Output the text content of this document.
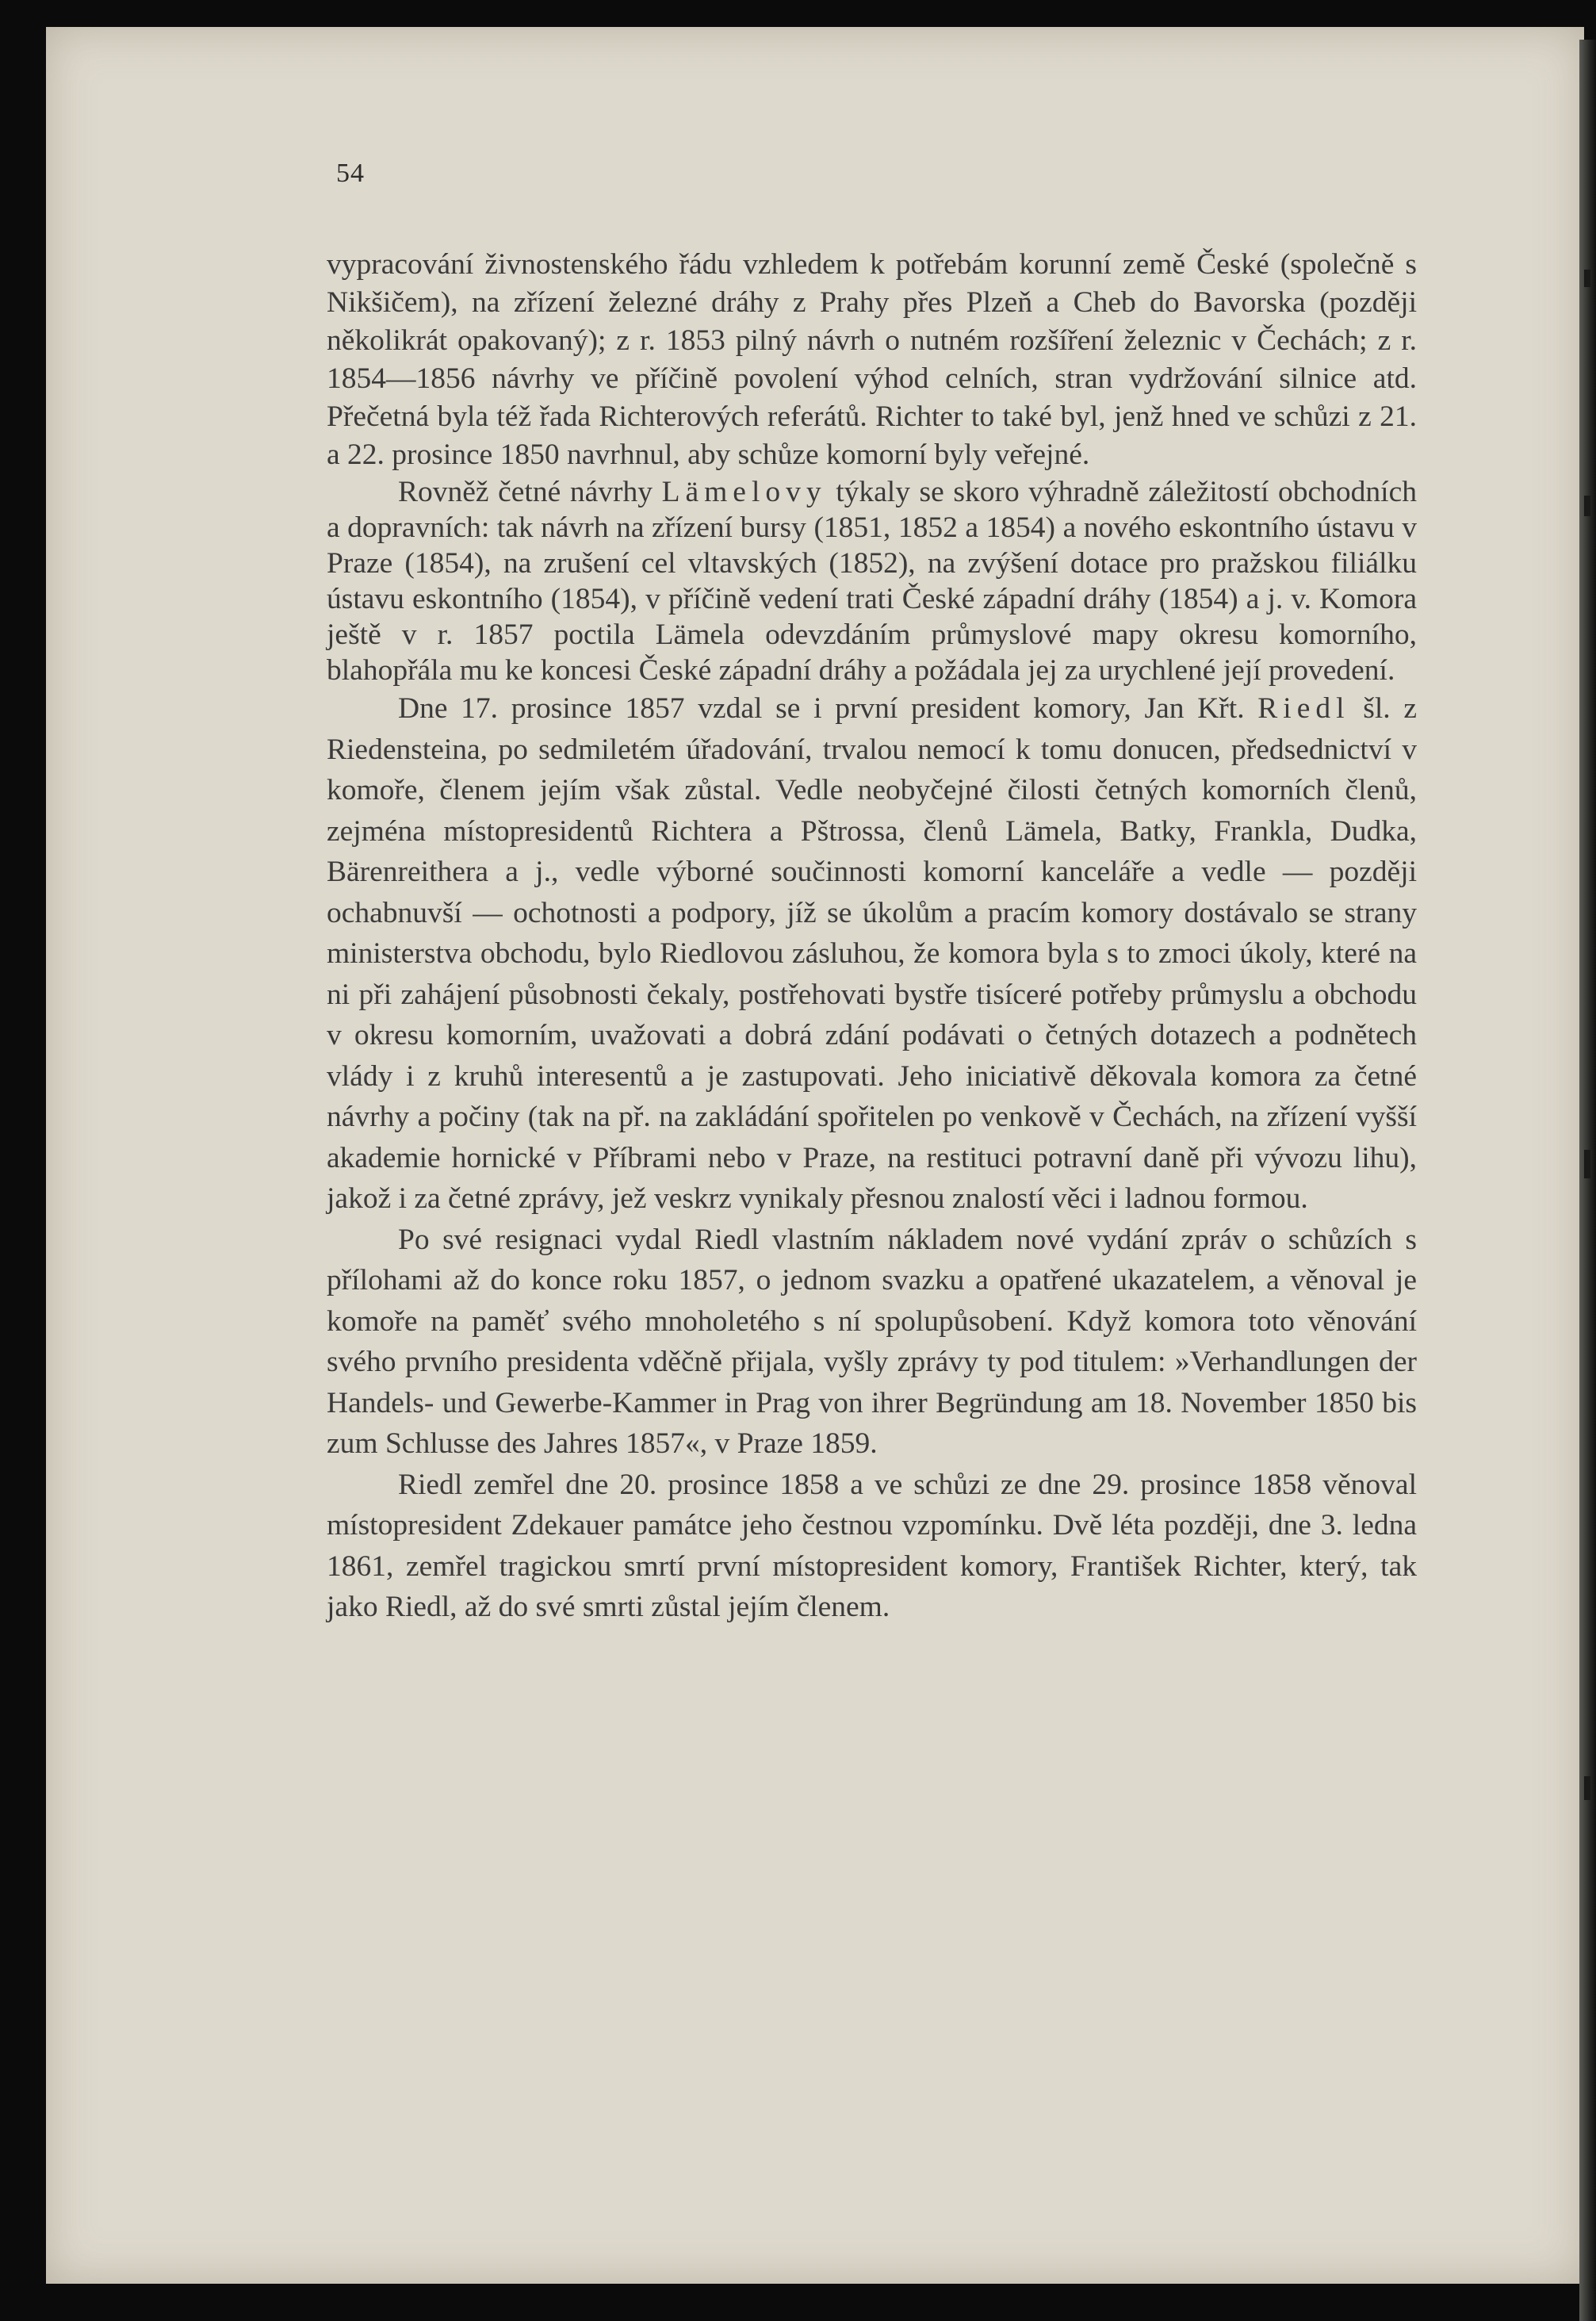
54

vypracování živnostenského řádu vzhledem k potřebám korunní země České (společně s Nikšičem), na zřízení železné dráhy z Prahy přes Plzeň a Cheb do Bavorska (později několikrát opakovaný); z r. 1853 pilný návrh o nutném rozšíření železnic v Čechách; z r. 1854—1856 návrhy ve příčině povolení výhod celních, stran vydržování silnice atd. Přečetná byla též řada Richterových referátů. Richter to také byl, jenž hned ve schůzi z 21. a 22. prosince 1850 navrhnul, aby schůze komorní byly veřejné.

Rovněž četné návrhy Lämelovy týkaly se skoro výhradně záležitostí obchodních a dopravních: tak návrh na zřízení bursy (1851, 1852 a 1854) a nového eskontního ústavu v Praze (1854), na zrušení cel vltavských (1852), na zvýšení dotace pro pražskou filiálku ústavu eskontního (1854), v příčině vedení trati České západní dráhy (1854) a j. v. Komora ještě v r. 1857 poctila Lämela odevzdáním průmyslové mapy okresu komorního, blahopřála mu ke koncesi České západní dráhy a požádala jej za urychlené její provedení.

Dne 17. prosince 1857 vzdal se i první president komory, Jan Křt. Riedl šl. z Riedensteina, po sedmiletém úřadování, trvalou nemocí k tomu donucen, předsednictví v komoře, členem jejím však zůstal. Vedle neobyčejné čilosti četných komorních členů, zejména místopresidentů Richtera a Pštrossa, členů Lämela, Batky, Frankla, Dudka, Bärenreithera a j., vedle výborné součinnosti komorní kanceláře a vedle — později ochabnuvší — ochotnosti a podpory, jíž se úkolům a pracím komory dostávalo se strany ministerstva obchodu, bylo Riedlovou zásluhou, že komora byla s to zmoci úkoly, které na ni při zahájení působnosti čekaly, postřehovati bystře tisíceré potřeby průmyslu a obchodu v okresu komorním, uvažovati a dobrá zdání podávati o četných dotazech a podnětech vlády i z kruhů interesentů a je zastupovati. Jeho iniciativě děkovala komora za četné návrhy a počiny (tak na př. na zakládání spořitelen po venkově v Čechách, na zřízení vyšší akademie hornické v Příbrami nebo v Praze, na restituci potravní daně při vývozu lihu), jakož i za četné zprávy, jež veskrz vynikaly přesnou znalostí věci i ladnou formou.

Po své resignaci vydal Riedl vlastním nákladem nové vydání zpráv o schůzích s přílohami až do konce roku 1857, o jednom svazku a opatřené ukazatelem, a věnoval je komoře na paměť svého mnoholetého s ní spolupůsobení. Když komora toto věnování svého prvního presidenta vděčně přijala, vyšly zprávy ty pod titulem: »Verhandlungen der Handels- und Gewerbe-Kammer in Prag von ihrer Begründung am 18. November 1850 bis zum Schlusse des Jahres 1857«, v Praze 1859.

Riedl zemřel dne 20. prosince 1858 a ve schůzi ze dne 29. prosince 1858 věnoval místopresident Zdekauer památce jeho čestnou vzpomínku. Dvě léta později, dne 3. ledna 1861, zemřel tragickou smrtí první místopresident komory, František Richter, který, tak jako Riedl, až do své smrti zůstal jejím členem.
